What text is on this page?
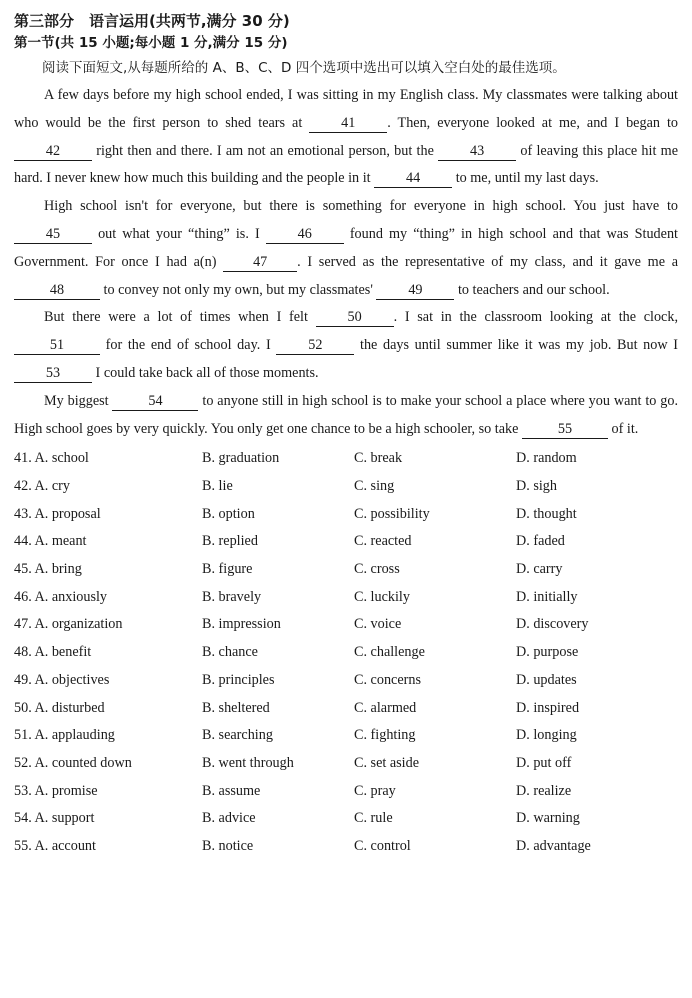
第三部分　语言运用(共两节,满分 30 分)
第一节(共 15 小题;每小题 1 分,满分 15 分)

阅读下面短文,从每题所给的 A、B、C、D 四个选项中选出可以填入空白处的最佳选项。

A few days before my high school ended, I was sitting in my English class. My classmates were talking about who would be the first person to shed tears at 41 . Then, everyone looked at me, and I began to 42 right then and there. I am not an emotional person, but the 43 of leaving this place hit me hard. I never knew how much this building and the people in it 44 to me, until my last days.

High school isn't for everyone, but there is something for everyone in high school. You just have to 45 out what your “thing” is. I 46 found my “thing” in high school and that was Student Government. For once I had a(n) 47 . I served as the representative of my class, and it gave me a 48	to convey not only my own, but my classmates' 49 to teachers and our school.

But there were a lot of times when I felt 50 . I sat in the classroom looking at the clock, 51	for the end of school day. I 52 the days until summer like it was my job. But now I 53 I could take back all of those moments.

My biggest	54	to anyone still in high school is to make your school a place where you want to go. High school goes by very quickly. You only get one chance to be a high schooler, so take	55	of it.

41. A. school	B. graduation	C. break	D. random
42. A. cry	B. lie	C. sing	D. sigh
43. A. proposal	B. option	C. possibility	D. thought
44. A. meant	B. replied	C. reacted	D. faded
45. A. bring	B. figure	C. cross	D. carry
46. A. anxiously	B. bravely	C. luckily	D. initially
47. A. organization	B. impression	C. voice	D. discovery
48. A. benefit	B. chance	C. challenge	D. purpose
49. A. objectives	B. principles	C. concerns	D. updates
50. A. disturbed	B. sheltered	C. alarmed	D. inspired
51. A. applauding	B. searching	C. fighting	D. longing
52. A. counted down	B. went through	C. set aside	D. put off
53. A. promise	B. assume	C. pray	D. realize
54. A. support	B. advice	C. rule	D. warning
55. A. account	B. notice	C. control	D. advantage
